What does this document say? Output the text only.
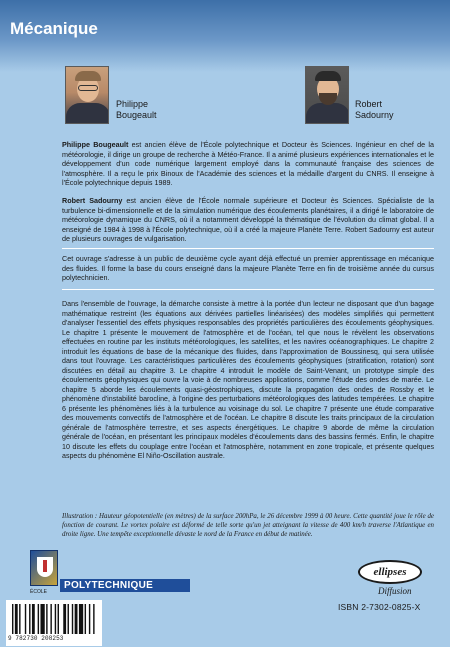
Mécanique
Philippe
Bougeault
Robert
Sadourny
Philippe Bougeault est ancien élève de l'École polytechnique et Docteur ès Sciences. Ingénieur en chef de la météorologie, il dirige un groupe de recherche à Météo-France. Il a animé plusieurs expériences internationales et le développement d'un code numérique largement employé dans la communauté française des sciences de l'atmosphère. Il a reçu le prix Binoux de l'Académie des sciences et la médaille d'argent du CNRS. Il enseigne à l'École polytechnique depuis 1989.
Robert Sadourny est ancien élève de l'École normale supérieure et Docteur ès Sciences. Spécialiste de la turbulence bi-dimensionnelle et de la simulation numérique des écoulements planétaires, il a dirigé le laboratoire de météorologie dynamique du CNRS, où il a notamment développé la thématique de l'évolution du climat global. Il a enseigné de 1984 à 1998 à l'École polytechnique, où il a créé la majeure Planète Terre. Robert Sadourny est auteur de plusieurs ouvrages de vulgarisation.
Cet ouvrage s'adresse à un public de deuxième cycle ayant déjà effectué un premier apprentissage en mécanique des fluides. Il forme la base du cours enseigné dans la majeure Planète Terre en fin de troisième année du cursus polytechnicien.
Dans l'ensemble de l'ouvrage, la démarche consiste à mettre à la portée d'un lecteur ne disposant que d'un bagage mathématique restreint (les équations aux dérivées partielles linéarisées) des modèles simplifiés qui permettent d'analyser l'essentiel des effets physiques responsables des propriétés particulières des écoulements géophysiques. Le chapitre 1 présente le mouvement de l'atmosphère et de l'océan, tel que nous le révèlent les observations effectuées en routine par les instituts météorologiques, les satellites, et les navires océanographiques. Le chapitre 2 introduit les équations de base de la mécanique des fluides, dans l'approximation de Boussinesq, qui sera utilisée dans tout l'ouvrage. Les caractéristiques particulières des écoulements géophysiques (stratification, rotation) sont discutées en détail au chapitre 3. Le chapitre 4 introduit le modèle de Saint-Venant, un prototype simple des écoulements géophysiques qui ouvre la voie à de nombreuses applications, comme l'étude des ondes de marée. Le chapitre 5 aborde les écoulements quasi-géostrophiques, discute la propagation des ondes de Rossby et le phénomène d'instabilité barocline, à l'origine des perturbations météorologiques des latitudes tempérées. Le chapitre 6 présente les phénomènes liés à la turbulence au voisinage du sol. Le chapitre 7 présente une étude comparative des mouvements convectifs de l'atmosphère et de l'océan. Le chapitre 8 discute les traits principaux de la circulation générale de l'atmosphère terrestre, et ses aspects énergétiques. Le chapitre 9 aborde de même la circulation générale de l'océan, en présentant les principaux modèles d'écoulements dans des bassins fermés. Enfin, le chapitre 10 discute les effets du couplage entre l'océan et l'atmosphère, notamment en zone tropicale, et présente quelques aspects du phénomène El Niño-Oscillation australe.
Illustration : Hauteur géopotentielle (en mètres) de la surface 200hPa, le 26 décembre 1999 à 00 heure. Cette quantité joue le rôle de fonction de courant. Le vortex polaire est déformé de telle sorte qu'un jet atteignant la vitesse de 400 km/h traverse l'Atlantique en droite ligne. Une tempête exceptionnelle dévaste le nord de la France en début de matinée.
ÉCOLE
POLYTECHNIQUE
ellipses
Diffusion
ISBN 2-7302-0825-X
9 782730 208253
